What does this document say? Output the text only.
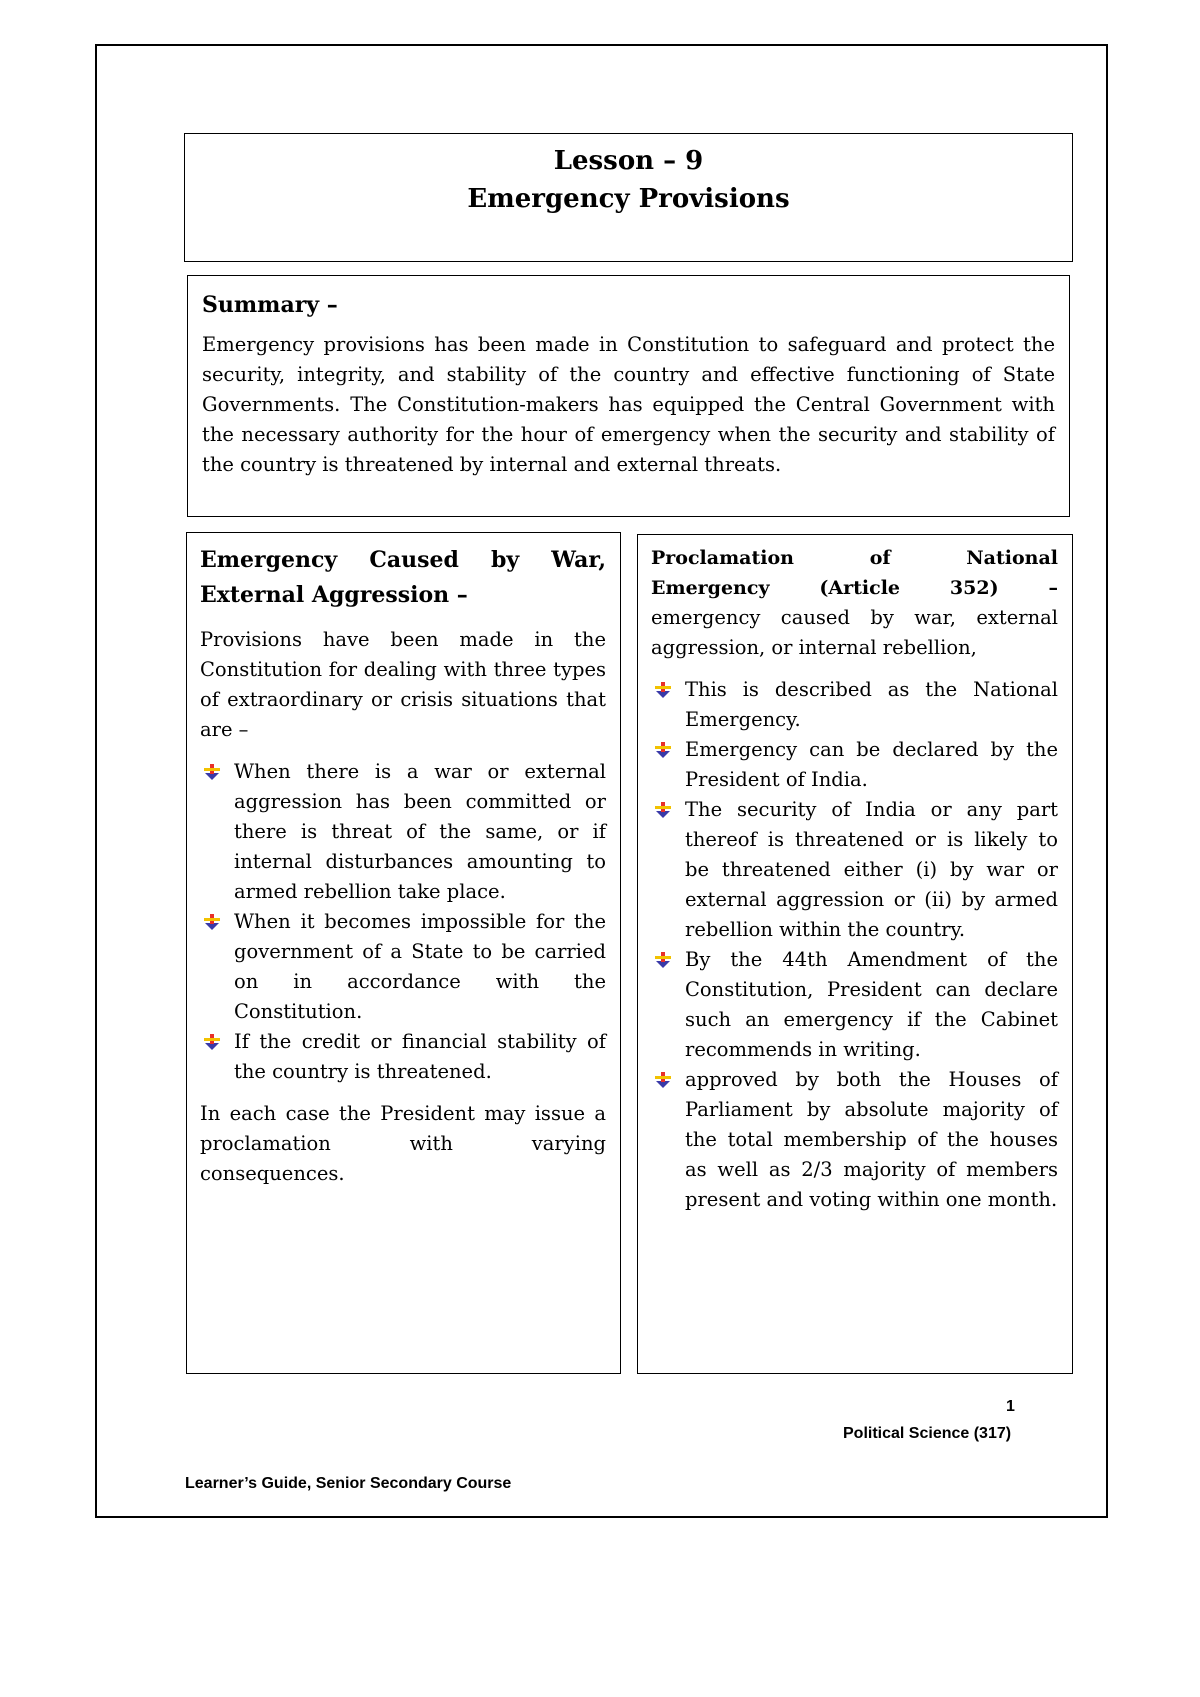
Lesson – 9
Emergency Provisions
Summary –

Emergency provisions has been made in Constitution to safeguard and protect the security, integrity, and stability of the country and effective functioning of State Governments. The Constitution-makers has equipped the Central Government with the necessary authority for the hour of emergency when the security and stability of the country is threatened by internal and external threats.

Emergency Caused by War,
External Aggression –

Provisions have been made in the Constitution for dealing with three types of extraordinary or crisis situations that are –

When there is a war or external aggression has been committed or there is threat of the same, or if internal disturbances amounting to armed rebellion take place.
When it becomes impossible for the government of a State to be carried on in accordance with the Constitution.
If the credit or financial stability of the country is threatened.

In each case the President may issue a proclamation with varying consequences.

Proclamation of National
Emergency (Article 352) –

emergency caused by war, external aggression, or internal rebellion,

This is described as the National Emergency.
Emergency can be declared by the President of India.
The security of India or any part thereof is threatened or is likely to be threatened either (i) by war or external aggression or (ii) by armed rebellion within the country.
By the 44th Amendment of the Constitution, President can declare such an emergency if the Cabinet recommends in writing.
approved by both the Houses of Parliament by absolute majority of the total membership of the houses as well as 2/3 majority of members present and voting within one month.
1
Political Science (317)
Learner’s Guide, Senior Secondary Course
